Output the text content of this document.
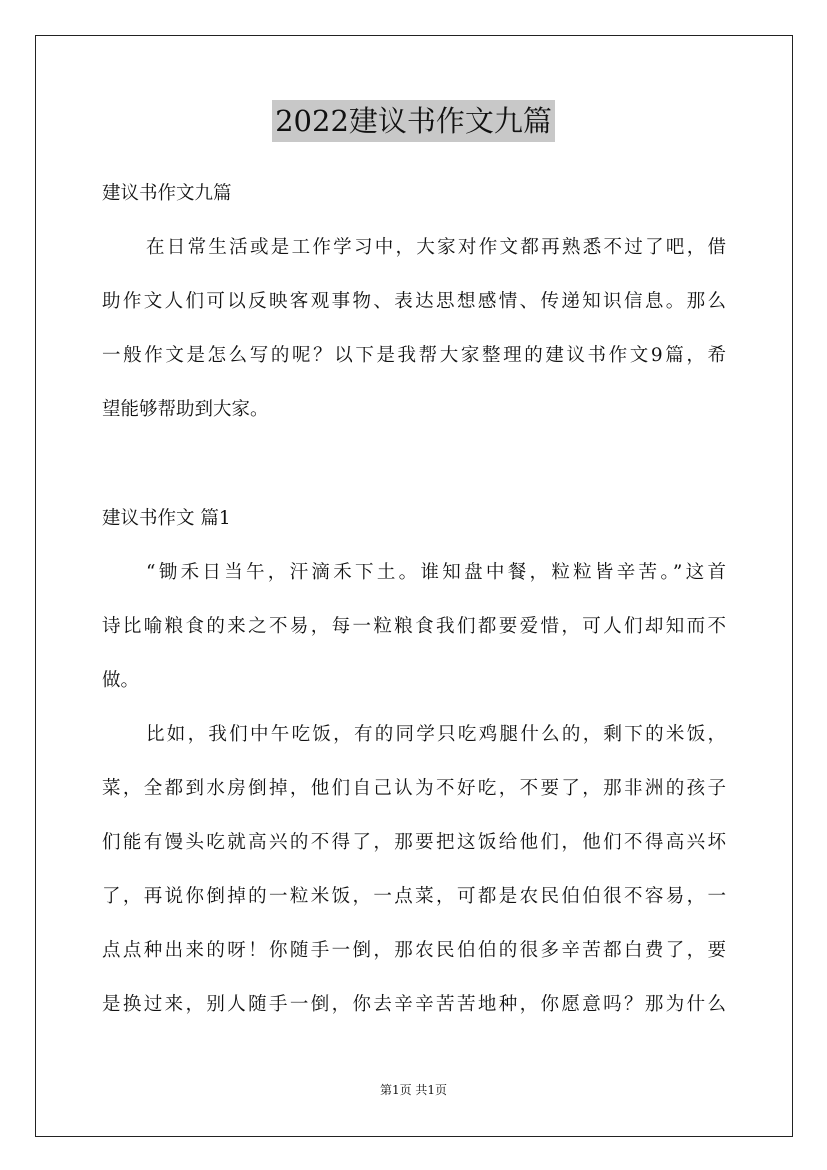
2022建议书作文九篇
建议书作文九篇
在日常生活或是工作学习中，大家对作文都再熟悉不过了吧，借
助作文人们可以反映客观事物、表达思想感情、传递知识信息。那么
一般作文是怎么写的呢？以下是我帮大家整理的建议书作文9篇，希
望能够帮助到大家。
建议书作文 篇1
“锄禾日当午，汗滴禾下土。谁知盘中餐，粒粒皆辛苦。”这首
诗比喻粮食的来之不易，每一粒粮食我们都要爱惜，可人们却知而不
做。
比如，我们中午吃饭，有的同学只吃鸡腿什么的，剩下的米饭，
菜，全都到水房倒掉，他们自己认为不好吃，不要了，那非洲的孩子
们能有馒头吃就高兴的不得了，那要把这饭给他们，他们不得高兴坏
了，再说你倒掉的一粒米饭，一点菜，可都是农民伯伯很不容易，一
点点种出来的呀！你随手一倒，那农民伯伯的很多辛苦都白费了，要
是换过来，别人随手一倒，你去辛辛苦苦地种，你愿意吗？那为什么
第1页 共1页
